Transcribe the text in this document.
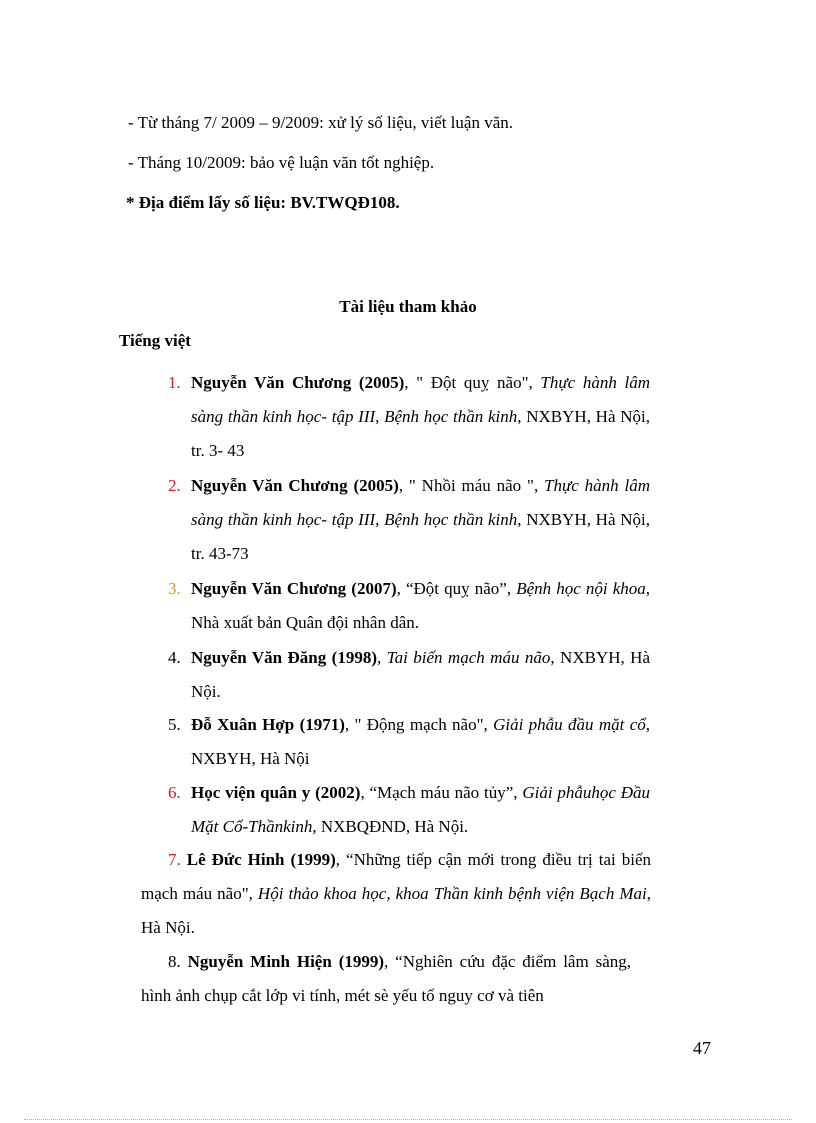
- Từ tháng 7/ 2009 – 9/2009: xử lý số liệu, viết luận văn.
- Tháng 10/2009: bảo vệ luận văn tốt nghiệp.
* Địa điểm lấy số liệu: BV.TWQĐ108.
Tài liệu tham khảo
Tiếng việt
1. Nguyễn Văn Chương (2005), " Đột quỵ não", Thực hành lâm sàng thần kinh học- tập III, Bệnh học thần kinh, NXBYH, Hà Nội, tr. 3- 43
2. Nguyễn Văn Chương (2005), " Nhồi máu não ", Thực hành lâm sàng thần kinh học- tập III, Bệnh học thần kinh, NXBYH, Hà Nội, tr. 43-73
3. Nguyễn Văn Chương (2007), “Đột quỵ não”, Bệnh học nội khoa, Nhà xuất bản Quân đội nhân dân.
4. Nguyễn Văn Đăng (1998), Tai biến mạch máu não, NXBYH, Hà Nội.
5. Đỗ Xuân Hợp (1971), " Động mạch não", Giải phẫu đầu mặt cổ, NXBYH, Hà Nội
6. Học viện quân y (2002), “Mạch máu não tủy”, Giải phẫuhọc Đầu Mặt Cổ-Thầnkinh, NXBQĐND, Hà Nội.
7. Lê Đức Hinh (1999), “Những tiếp cận mới trong điều trị tai biến mạch máu não", Hội thảo khoa học, khoa Thần kinh bệnh viện Bạch Mai, Hà Nội.
8. Nguyễn Minh Hiện (1999), “Nghiên cứu đặc điểm lâm sàng, hình ảnh chụp cắt lớp vi tính, mét sè yếu tố nguy cơ và tiên
47
